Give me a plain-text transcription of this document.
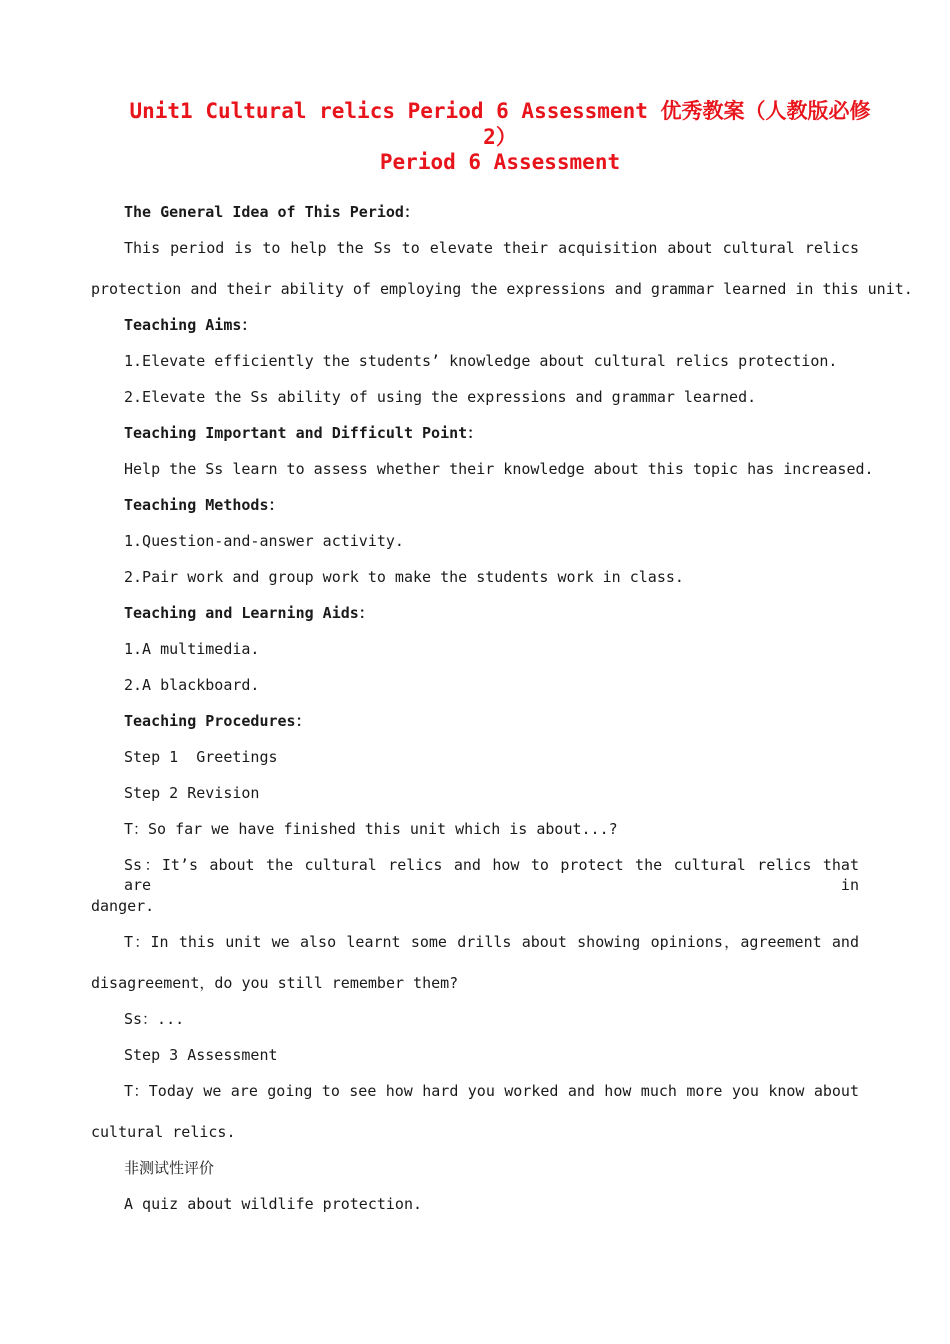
Unit1 Cultural relics Period 6 Assessment 优秀教案（人教版必修
2）
Period 6 Assessment
The General Idea of This Period：
This period is to help the Ss to elevate their acquisition about cultural relics
protection and their ability of employing the expressions and grammar learned in this unit.
Teaching Aims：
1.Elevate efficiently the students’ knowledge about cultural relics protection.
2.Elevate the Ss ability of using the expressions and grammar learned.
Teaching Important and Difficult Point：
Help the Ss learn to assess whether their knowledge about this topic has increased.
Teaching Methods：
1.Question-and-answer activity.
2.Pair work and group work to make the students work in class.
Teaching and Learning Aids：
1.A multimedia.
2.A blackboard.
Teaching Procedures：
Step 1  Greetings
Step 2 Revision
T：So far we have finished this unit which is about...?
Ss：It’s about the cultural relics and how to protect the cultural relics that are in
danger.
T：In this unit we also learnt some drills about showing opinions，agreement and
disagreement，do you still remember them?
Ss：...
Step 3 Assessment
T：Today we are going to see how hard you worked and how much more you know about
cultural relics.
非测试性评价
A quiz about wildlife protection.
